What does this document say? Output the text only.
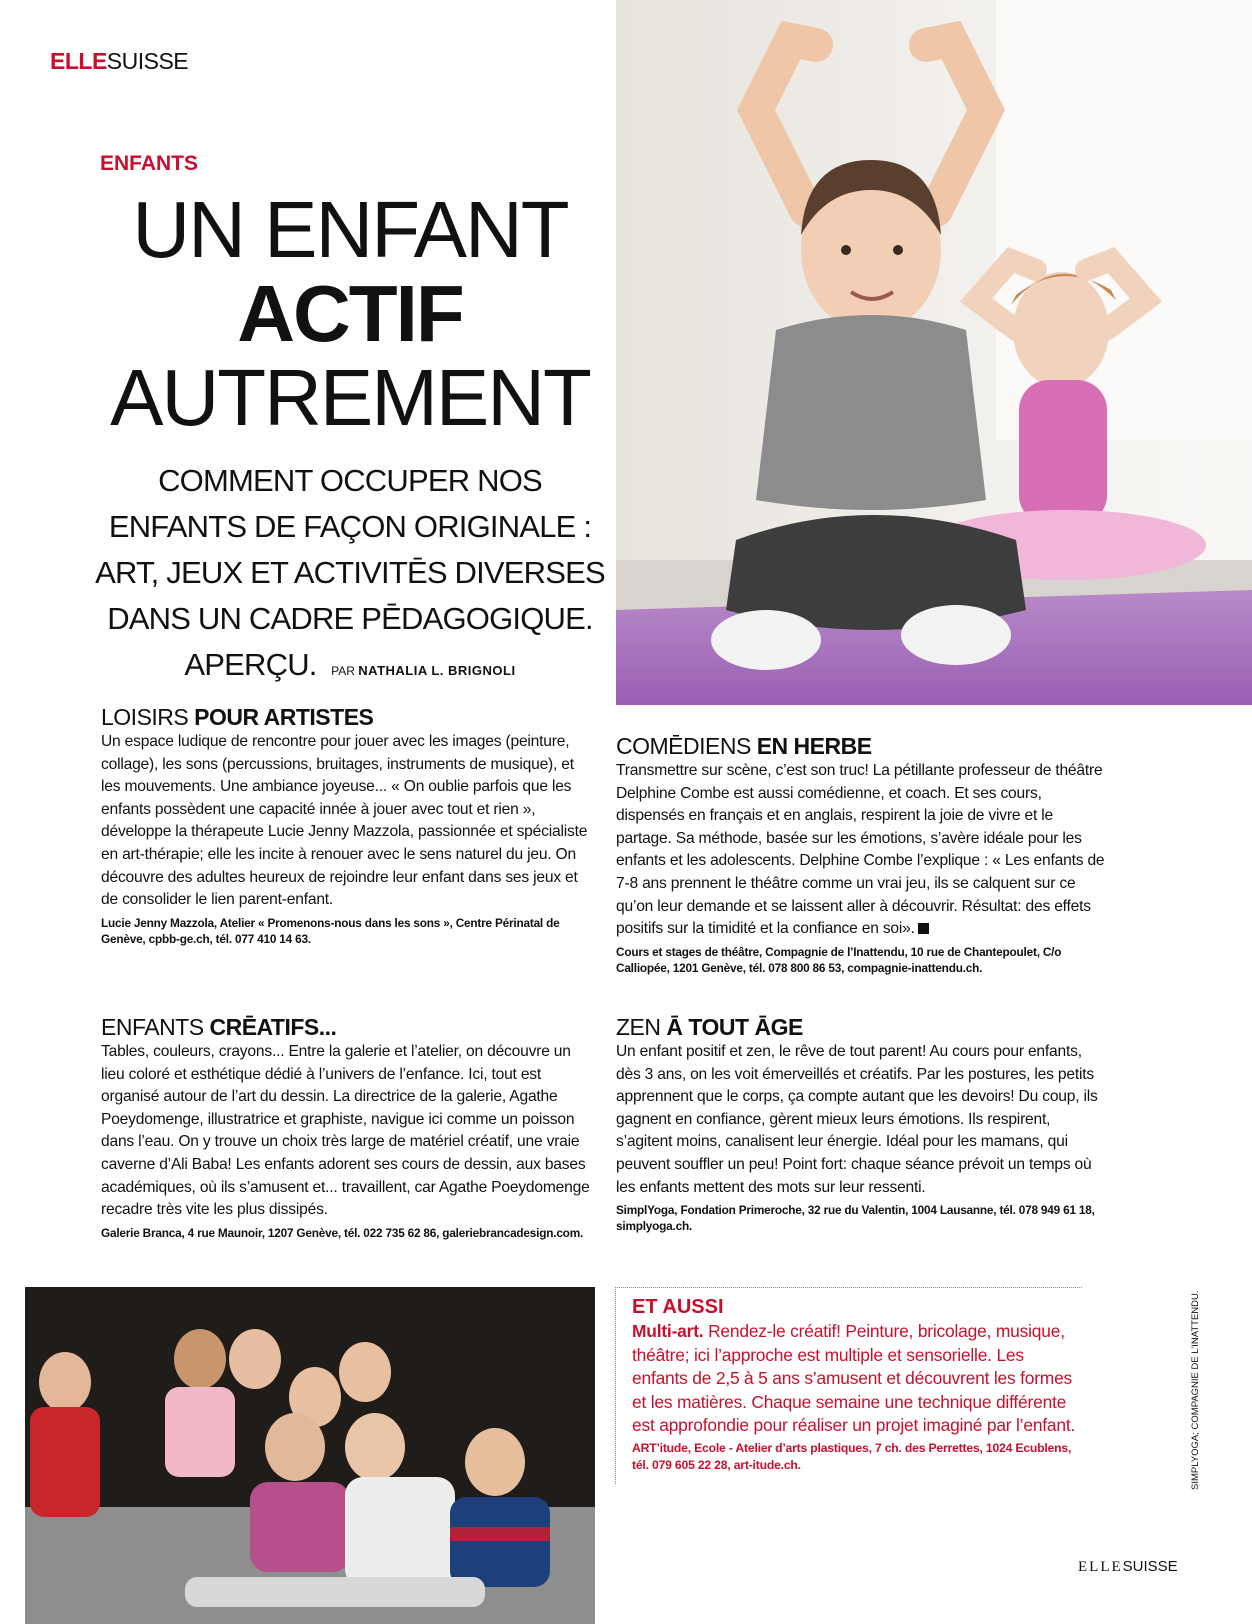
ELLESUISSE
ENFANTS
UN ENFANT
ACTIF
AUTREMENT
COMMENT OCCUPER NOS ENFANTS DE FAÇON ORIGINALE : ART, JEUX ET ACTIVITĒS DIVERSES DANS UN CADRE PĒDAGOGIQUE. APERÇU. PAR NATHALIA L. BRIGNOLI
LOISIRS POUR ARTISTES

Un espace ludique de rencontre pour jouer avec les images (peinture, collage), les sons (percussions, bruitages, instruments de musique), et les mouvements. Une ambiance joyeuse... « On oublie parfois que les enfants possèdent une capacité innée à jouer avec tout et rien », développe la thérapeute Lucie Jenny Mazzola, passionnée et spécialiste en art-thérapie; elle les incite à renouer avec le sens naturel du jeu. On découvre des adultes heureux de rejoindre leur enfant dans ses jeux et de consolider le lien parent-enfant.

Lucie Jenny Mazzola, Atelier « Promenons-nous dans les sons », Centre Périnatal de Genève, cpbb-ge.ch, tél. 077 410 14 63.

ENFANTS CRĒATIFS...

Tables, couleurs, crayons... Entre la galerie et l’atelier, on découvre un lieu coloré et esthétique dédié à l’univers de l’enfance. Ici, tout est organisé autour de l’art du dessin. La directrice de la galerie, Agathe Poeydomenge, illustratrice et graphiste, navigue ici comme un poisson dans l’eau. On y trouve un choix très large de matériel créatif, une vraie caverne d’Ali Baba! Les enfants adorent ses cours de dessin, aux bases académiques, où ils s’amusent et... travaillent, car Agathe Poeydomenge recadre très vite les plus dissipés.

Galerie Branca, 4 rue Maunoir, 1207 Genève, tél. 022 735 62 86, galeriebrancadesign.com.

COMĒDIENS EN HERBE

Transmettre sur scène, c’est son truc! La pétillante professeur de théâtre Delphine Combe est aussi comédienne, et coach. Et ses cours, dispensés en français et en anglais, respirent la joie de vivre et le partage. Sa méthode, basée sur les émotions, s’avère idéale pour les enfants et les adolescents. Delphine Combe l’explique : « Les enfants de 7-8 ans prennent le théâtre comme un vrai jeu, ils se calquent sur ce qu’on leur demande et se laissent aller à découvrir. Résultat: des effets positifs sur la timidité et la confiance en soi».

Cours et stages de théâtre, Compagnie de l’Inattendu, 10 rue de Chantepoulet, C/o Calliopée, 1201 Genève, tél. 078 800 86 53, compagnie-inattendu.ch.

ZEN Ā TOUT ĀGE

Un enfant positif et zen, le rêve de tout parent! Au cours pour enfants, dès 3 ans, on les voit émerveillés et créatifs. Par les postures, les petits apprennent que le corps, ça compte autant que les devoirs! Du coup, ils gagnent en confiance, gèrent mieux leurs émotions. Ils respirent, s’agitent moins, canalisent leur énergie. Idéal pour les mamans, qui peuvent souffler un peu! Point fort: chaque séance prévoit un temps où les enfants mettent des mots sur leur ressenti.

SimplYoga, Fondation Primeroche, 32 rue du Valentin, 1004 Lausanne, tél. 078 949 61 18, simplyoga.ch.

ET AUSSI

Multi-art. Rendez-le créatif! Peinture, bricolage, musique, théâtre; ici l’approche est multiple et sensorielle. Les enfants de 2,5 à 5 ans s’amusent et découvrent les formes et les matières. Chaque semaine une technique différente est approfondie pour réaliser un projet imaginé par l’enfant.

ART’itude, Ecole - Atelier d’arts plastiques, 7 ch. des Perrettes, 1024 Ecublens, tél. 079 605 22 28, art-itude.ch.	SIMPLYOGA; COMPAGNIE DE L’INATTENDU.
ELLESUISSE
